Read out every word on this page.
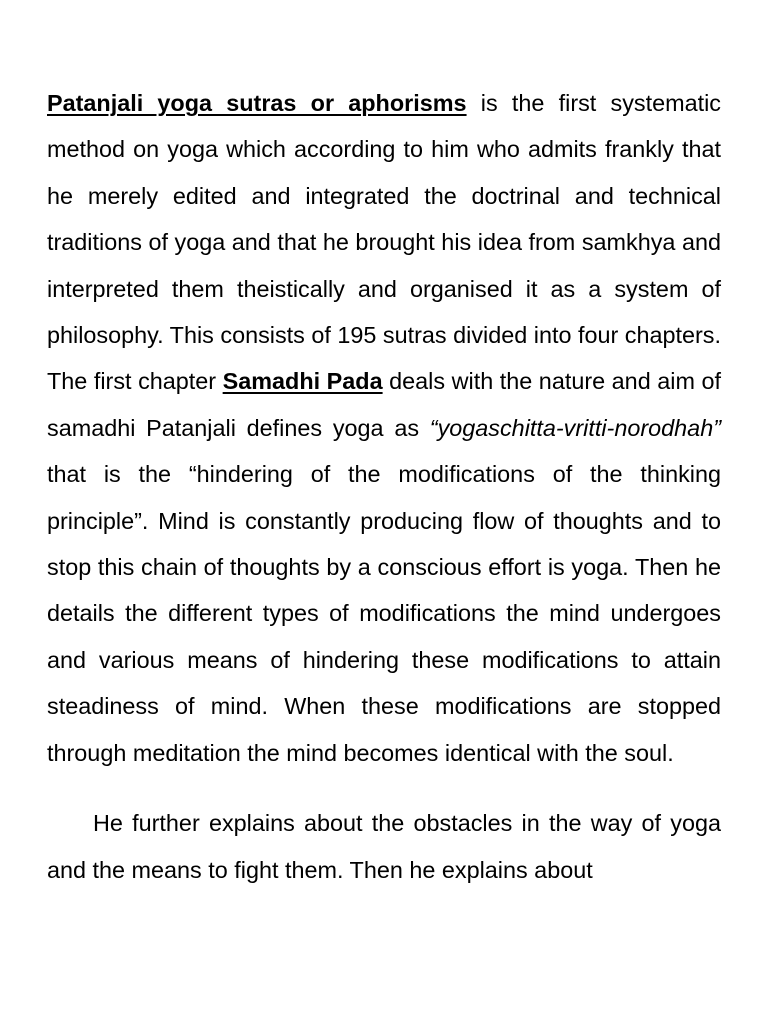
Patanjali yoga sutras or aphorisms is the first systematic method on yoga which according to him who admits frankly that he merely edited and integrated the doctrinal and technical traditions of yoga and that he brought his idea from samkhya and interpreted them theistically and organised it as a system of philosophy. This consists of 195 sutras divided into four chapters. The first chapter Samadhi Pada deals with the nature and aim of samadhi Patanjali defines yoga as “yogaschitta-vritti-norodhah” that is the “hindering of the modifications of the thinking principle”. Mind is constantly producing flow of thoughts and to stop this chain of thoughts by a conscious effort is yoga. Then he details the different types of modifications the mind undergoes and various means of hindering these modifications to attain steadiness of mind. When these modifications are stopped through meditation the mind becomes identical with the soul.

He further explains about the obstacles in the way of yoga and the means to fight them. Then he explains about
